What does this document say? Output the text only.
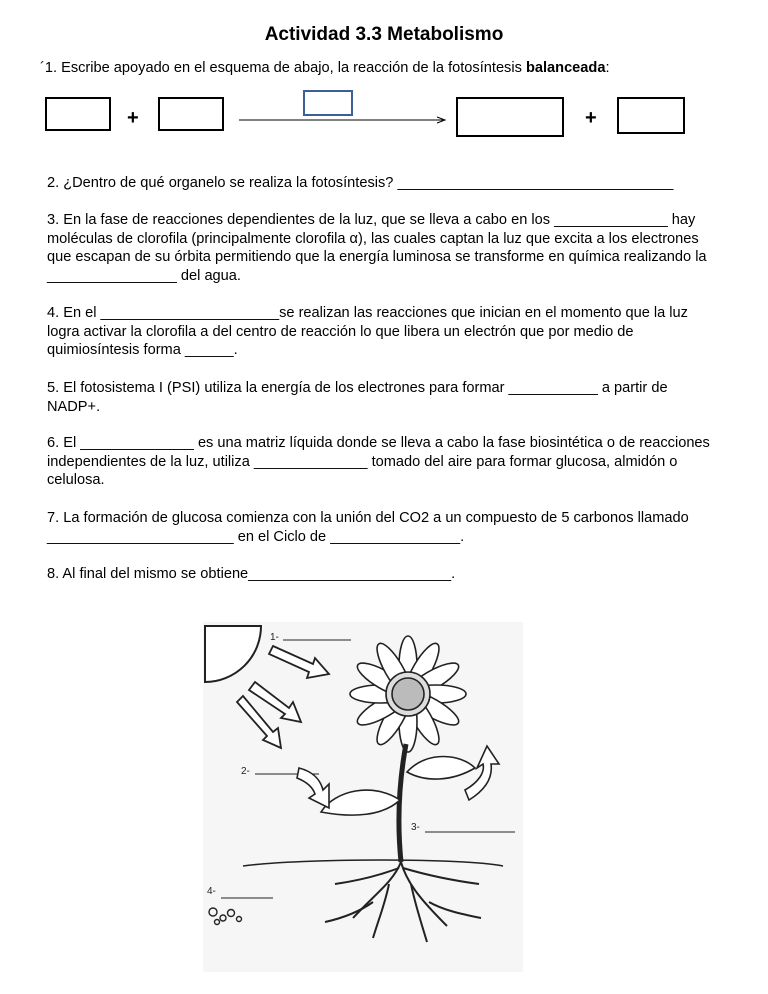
Actividad 3.3 Metabolismo

´1. Escribe apoyado en el esquema de abajo, la reacción de la fotosíntesis balanceada:

+	+

2. ¿Dentro de qué organelo se realiza la fotosíntesis? __________________________________

3. En la fase de reacciones dependientes de la luz, que se lleva a cabo en los ______________ hay moléculas de clorofila (principalmente clorofila α), las cuales captan la luz que excita a los electrones que escapan de su órbita permitiendo que la energía luminosa se transforme en química realizando la ________________ del agua.

4. En el ______________________se realizan las reacciones que inician en el momento que la luz logra activar la clorofila a del centro de reacción lo que libera un electrón que por medio de quimiosíntesis forma ______.

5. El fotosistema I (PSI) utiliza la energía de los electrones para formar ___________ a partir de NADP+.

6. El ______________ es una matriz líquida donde se lleva a cabo la fase biosintética o de reacciones independientes de la luz, utiliza ______________ tomado del aire para formar glucosa, almidón o celulosa.

7. La formación de glucosa comienza con la unión del CO2 a un compuesto de 5 carbonos llamado _______________________ en el Ciclo de ________________.

8. Al final del mismo se obtiene_________________________.

1-
2-
3-
4-
